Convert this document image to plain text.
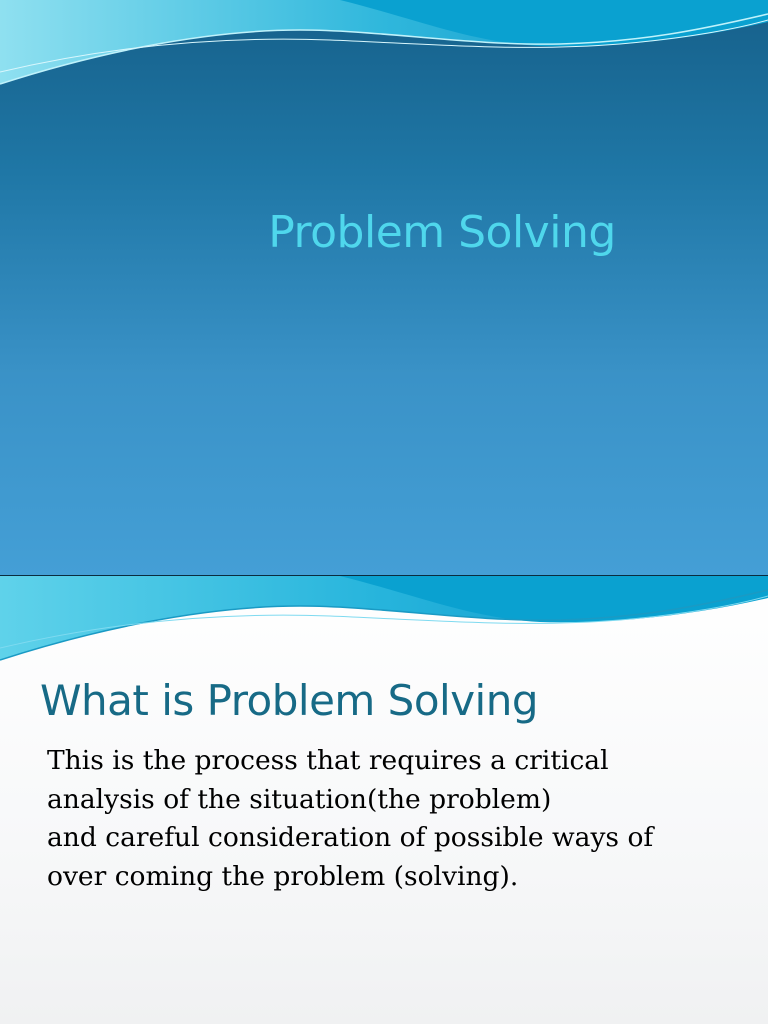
Problem Solving
What is Problem Solving
This is the process that requires a critical
analysis of the situation(the problem)
and careful consideration of possible ways of
over coming the problem (solving).
